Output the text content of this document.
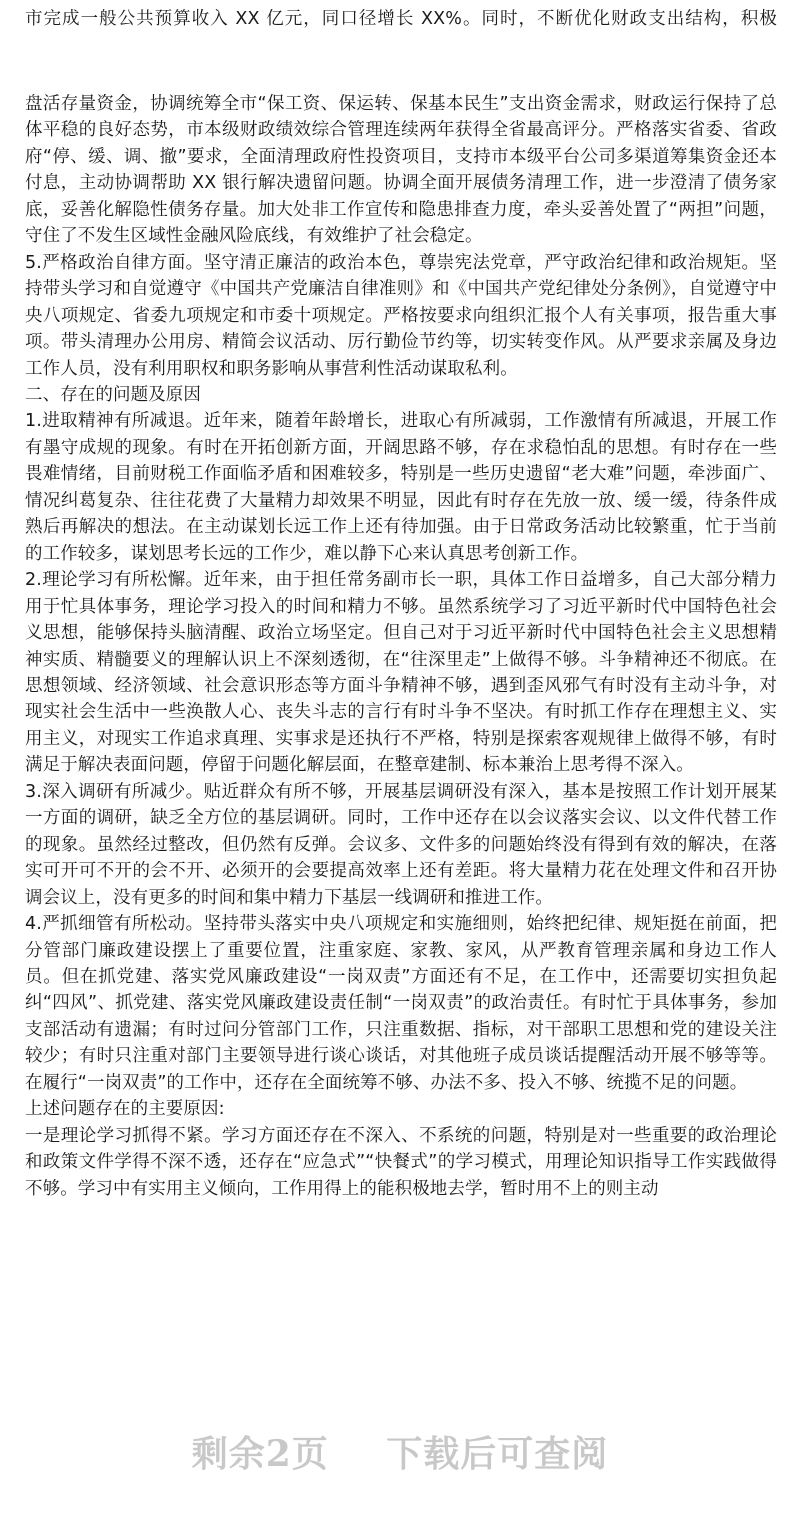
市完成一般公共预算收入 XX 亿元，同口径增长 XX%。同时，不断优化财政支出结构，积极

盘活存量资金，协调统筹全市“保工资、保运转、保基本民生”支出资金需求，财政运行保持了总体平稳的良好态势，市本级财政绩效综合管理连续两年获得全省最高评分。严格落实省委、省政府“停、缓、调、撤”要求，全面清理政府性投资项目，支持市本级平台公司多渠道筹集资金还本付息，主动协调帮助 XX 银行解决遗留问题。协调全面开展债务清理工作，进一步澄清了债务家底，妥善化解隐性债务存量。加大处非工作宣传和隐患排查力度，牵头妥善处置了“两担”问题，守住了不发生区域性金融风险底线，有效维护了社会稳定。

5.严格政治自律方面。坚守清正廉洁的政治本色，尊崇宪法党章，严守政治纪律和政治规矩。坚持带头学习和自觉遵守《中国共产党廉洁自律准则》和《中国共产党纪律处分条例》，自觉遵守中央八项规定、省委九项规定和市委十项规定。严格按要求向组织汇报个人有关事项，报告重大事项。带头清理办公用房、精简会议活动、厉行勤俭节约等，切实转变作风。从严要求亲属及身边工作人员，没有利用职权和职务影响从事营利性活动谋取私利。

二、存在的问题及原因

1.进取精神有所减退。近年来，随着年龄增长，进取心有所减弱，工作激情有所减退，开展工作有墨守成规的现象。有时在开拓创新方面，开阔思路不够，存在求稳怕乱的思想。有时存在一些畏难情绪，目前财税工作面临矛盾和困难较多，特别是一些历史遗留“老大难”问题，牵涉面广、情况纠葛复杂、往往花费了大量精力却效果不明显，因此有时存在先放一放、缓一缓，待条件成熟后再解决的想法。在主动谋划长远工作上还有待加强。由于日常政务活动比较繁重，忙于当前的工作较多，谋划思考长远的工作少，难以静下心来认真思考创新工作。

2.理论学习有所松懈。近年来，由于担任常务副市长一职，具体工作日益增多，自己大部分精力用于忙具体事务，理论学习投入的时间和精力不够。虽然系统学习了习近平新时代中国特色社会义思想，能够保持头脑清醒、政治立场坚定。但自己对于习近平新时代中国特色社会主义思想精神实质、精髓要义的理解认识上不深刻透彻，在“往深里走”上做得不够。斗争精神还不彻底。在思想领域、经济领域、社会意识形态等方面斗争精神不够，遇到歪风邪气有时没有主动斗争，对现实社会生活中一些涣散人心、丧失斗志的言行有时斗争不坚决。有时抓工作存在理想主义、实用主义，对现实工作追求真理、实事求是还执行不严格，特别是探索客观规律上做得不够，有时满足于解决表面问题，停留于问题化解层面，在整章建制、标本兼治上思考得不深入。

3.深入调研有所减少。贴近群众有所不够，开展基层调研没有深入，基本是按照工作计划开展某一方面的调研，缺乏全方位的基层调研。同时，工作中还存在以会议落实会议、以文件代替工作的现象。虽然经过整改，但仍然有反弹。会议多、文件多的问题始终没有得到有效的解决，在落实可开可不开的会不开、必须开的会要提高效率上还有差距。将大量精力花在处理文件和召开协调会议上，没有更多的时间和集中精力下基层一线调研和推进工作。

4.严抓细管有所松动。坚持带头落实中央八项规定和实施细则，始终把纪律、规矩挺在前面，把分管部门廉政建设摆上了重要位置，注重家庭、家教、家风，从严教育管理亲属和身边工作人员。但在抓党建、落实党风廉政建设“一岗双责”方面还有不足，在工作中，还需要切实担负起纠“四风”、抓党建、落实党风廉政建设责任制“一岗双责”的政治责任。有时忙于具体事务，参加支部活动有遗漏；有时过问分管部门工作，只注重数据、指标，对干部职工思想和党的建设关注较少；有时只注重对部门主要领导进行谈心谈话，对其他班子成员谈话提醒活动开展不够等等。在履行“一岗双责”的工作中，还存在全面统筹不够、办法不多、投入不够、统揽不足的问题。

上述问题存在的主要原因:

一是理论学习抓得不紧。学习方面还存在不深入、不系统的问题，特别是对一些重要的政治理论和政策文件学得不深不透，还存在“应急式”“快餐式”的学习模式，用理论知识指导工作实践做得不够。学习中有实用主义倾向，工作用得上的能积极地去学，暂时用不上的则主动

剩余2页 下载后可查阅
